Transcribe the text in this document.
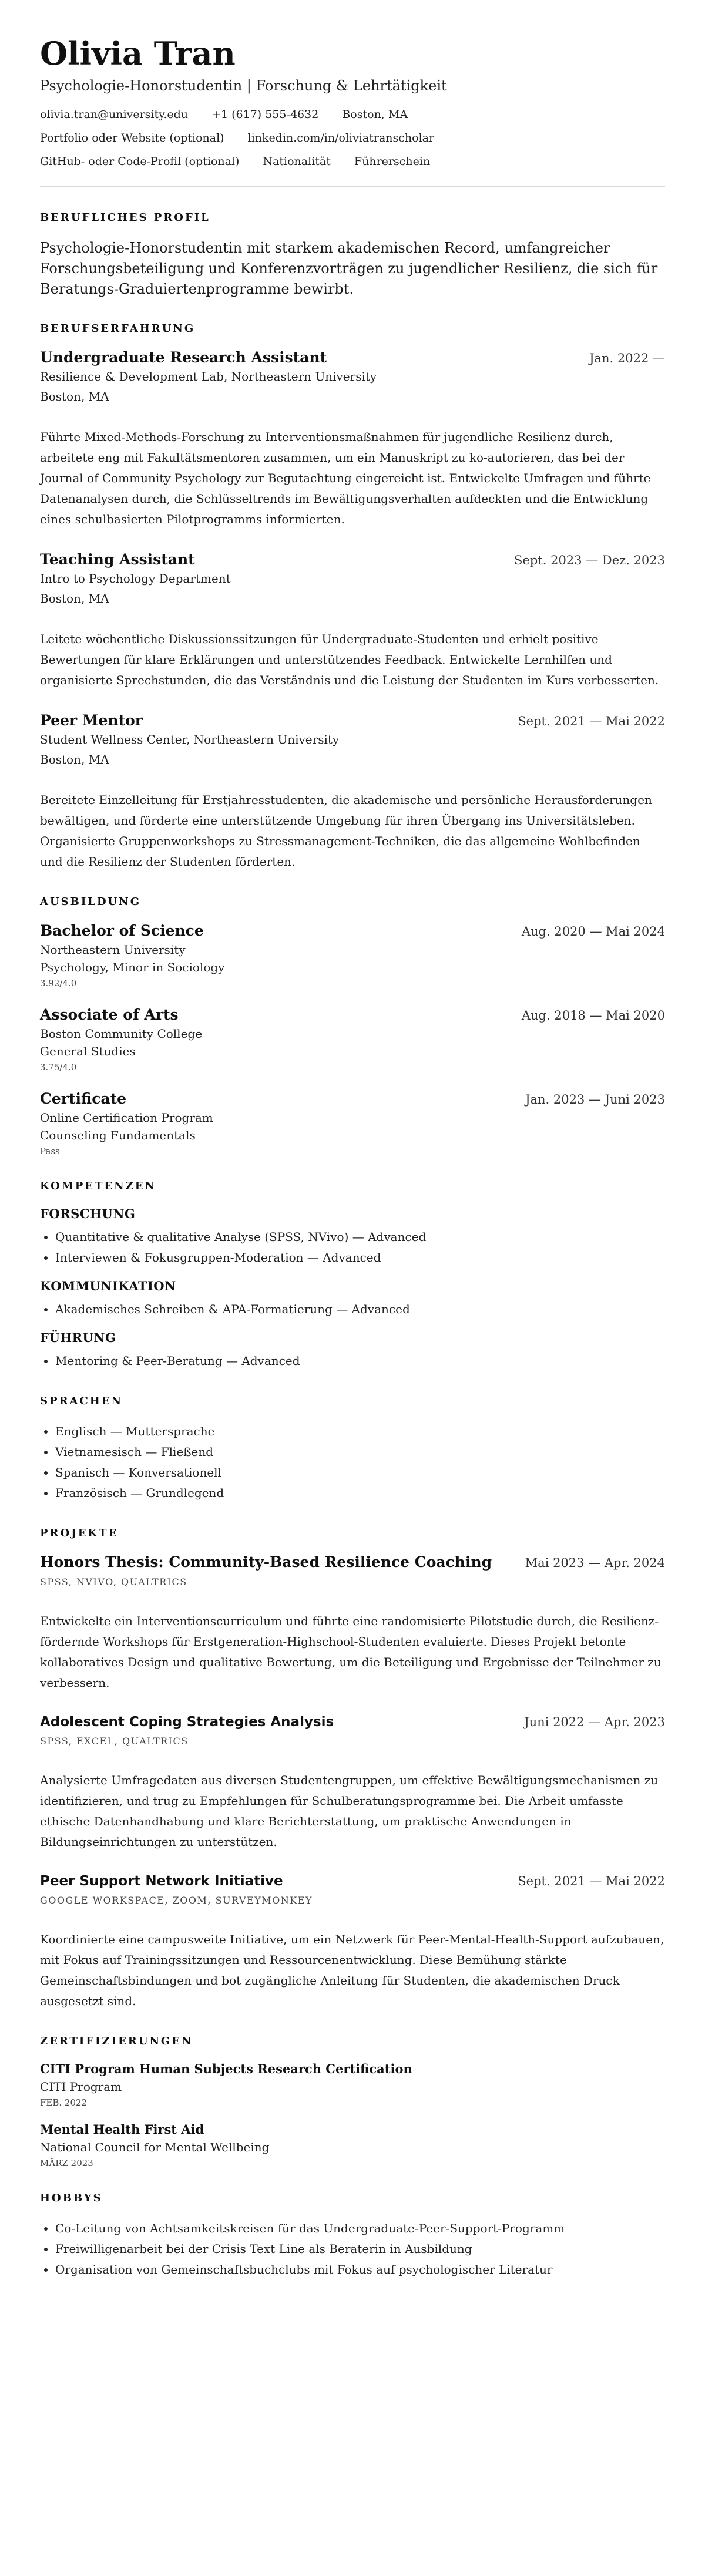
Olivia Tran
Psychologie-Honorstudentin | Forschung & Lehrtätigkeit
olivia.tran@university.edu +1 (617) 555-4632 Boston, MA
Portfolio oder Website (optional) linkedin.com/in/oliviatranscholar
GitHub- oder Code-Profil (optional) Nationalität Führerschein
BERUFLICHES PROFIL

Psychologie-Honorstudentin mit starkem akademischen Record, umfangreicher Forschungsbeteiligung und Konferenzvorträgen zu jugendlicher Resilienz, die sich für Beratungs-Graduiertenprogramme bewirbt.

BERUFSERFAHRUNG
Undergraduate Research Assistant	Jan. 2022 —
Resilience & Development Lab, Northeastern University
Boston, MA

Führte Mixed-Methods-Forschung zu Interventionsmaßnahmen für jugendliche Resilienz durch, arbeitete eng mit Fakultätsmentoren zusammen, um ein Manuskript zu ko-autorieren, das bei der Journal of Community Psychology zur Begutachtung eingereicht ist. Entwickelte Umfragen und führte Datenanalysen durch, die Schlüsseltrends im Bewältigungsverhalten aufdeckten und die Entwicklung eines schulbasierten Pilotprogramms informierten.

Teaching Assistant	Sept. 2023 — Dez. 2023
Intro to Psychology Department
Boston, MA

Leitete wöchentliche Diskussionssitzungen für Undergraduate-Studenten und erhielt positive Bewertungen für klare Erklärungen und unterstützendes Feedback. Entwickelte Lernhilfen und organisierte Sprechstunden, die das Verständnis und die Leistung der Studenten im Kurs verbesserten.

Peer Mentor	Sept. 2021 — Mai 2022
Student Wellness Center, Northeastern University
Boston, MA

Bereitete Einzelleitung für Erstjahresstudenten, die akademische und persönliche Herausforderungen bewältigen, und förderte eine unterstützende Umgebung für ihren Übergang ins Universitätsleben. Organisierte Gruppenworkshops zu Stressmanagement-Techniken, die das allgemeine Wohlbefinden und die Resilienz der Studenten förderten.

AUSBILDUNG
Bachelor of Science	Aug. 2020 — Mai 2024
Northeastern University
Psychology, Minor in Sociology
3.92/4.0
Associate of Arts	Aug. 2018 — Mai 2020
Boston Community College
General Studies
3.75/4.0
Certificate	Jan. 2023 — Juni 2023
Online Certification Program
Counseling Fundamentals
Pass
KOMPETENZEN
FORSCHUNG
• Quantitative & qualitative Analyse (SPSS, NVivo) — Advanced
• Interviewen & Fokusgruppen-Moderation — Advanced
KOMMUNIKATION
• Akademisches Schreiben & APA-Formatierung — Advanced
FÜHRUNG
• Mentoring & Peer-Beratung — Advanced
SPRACHEN
• Englisch — Muttersprache
• Vietnamesisch — Fließend
• Spanisch — Konversationell
• Französisch — Grundlegend
PROJEKTE
Honors Thesis: Community-Based Resilience Coaching	Mai 2023 — Apr. 2024
SPSS, NVIVO, QUALTRICS

Entwickelte ein Interventionscurriculum und führte eine randomisierte Pilotstudie durch, die Resilienz-fördernde Workshops für Erstgeneration-Highschool-Studenten evaluierte. Dieses Projekt betonte kollaboratives Design und qualitative Bewertung, um die Beteiligung und Ergebnisse der Teilnehmer zu verbessern.

Adolescent Coping Strategies Analysis	Juni 2022 — Apr. 2023
SPSS, EXCEL, QUALTRICS

Analysierte Umfragedaten aus diversen Studentengruppen, um effektive Bewältigungsmechanismen zu identifizieren, und trug zu Empfehlungen für Schulberatungsprogramme bei. Die Arbeit umfasste ethische Datenhandhabung und klare Berichterstattung, um praktische Anwendungen in Bildungseinrichtungen zu unterstützen.

Peer Support Network Initiative	Sept. 2021 — Mai 2022
GOOGLE WORKSPACE, ZOOM, SURVEYMONKEY

Koordinierte eine campusweite Initiative, um ein Netzwerk für Peer-Mental-Health-Support aufzubauen, mit Fokus auf Trainingssitzungen und Ressourcenentwicklung. Diese Bemühung stärkte Gemeinschaftsbindungen und bot zugängliche Anleitung für Studenten, die akademischen Druck ausgesetzt sind.

ZERTIFIZIERUNGEN
CITI Program Human Subjects Research Certification
CITI Program
FEB. 2022
Mental Health First Aid
National Council for Mental Wellbeing
MÄRZ 2023
HOBBYS
• Co-Leitung von Achtsamkeitskreisen für das Undergraduate-Peer-Support-Programm
• Freiwilligenarbeit bei der Crisis Text Line als Beraterin in Ausbildung
• Organisation von Gemeinschaftsbuchclubs mit Fokus auf psychologischer Literatur
